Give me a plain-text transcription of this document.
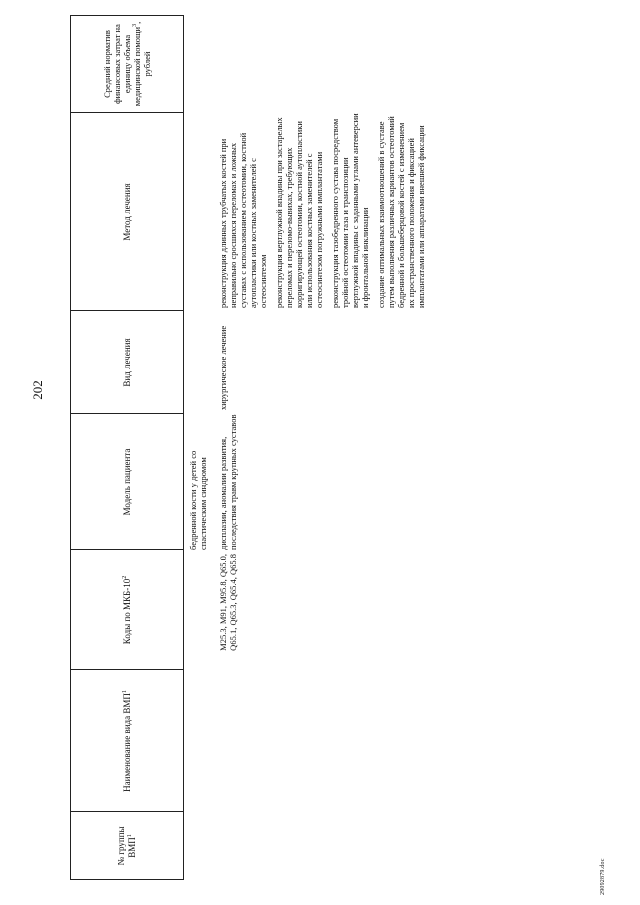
202
29092879.doc
№ группы ВМП$^1$
Наименование вида ВМП$^1$
Коды по МКБ-$10^2$
Модель пациента
Вид лечения
Метод лечения
Средний норматив финансовых затрат на единицу объема медицинской помощи$^3$, рублей
бедренной кости у детей со спастическим синдромом
M25.3, M91, M95.8, Q65.0, Q65.1, Q65.3, Q65.4, Q65.8
дисплазии, аномалии развития, последствия травм крупных суставов
хирургическое лечение

реконструкция длинных трубчатых костей при неправильно сросшихся переломах и ложных суставах с использованием остеотомии, костной аутопластики или костных заменителей с остеосинтезом реконструкция вертлужной впадины при застарелых переломах и переломо-вывихах, требующих корригирующей остеотомии, костной аутопластики или использования костных заменителей с остеосинтезом погружными имплантатами реконструкция тазобедренного сустава посредством тройной остеотомии таза и транспозиции вертлужной впадины с заданными углами антеверсии и фронтальной инклинации создание оптимальных взаимоотношений в суставе путем выполнения различных вариантов остеотомий бедренной и большеберцовой костей с изменением их пространственного положения и фиксацией имплантатами или аппаратами внешней фиксации
